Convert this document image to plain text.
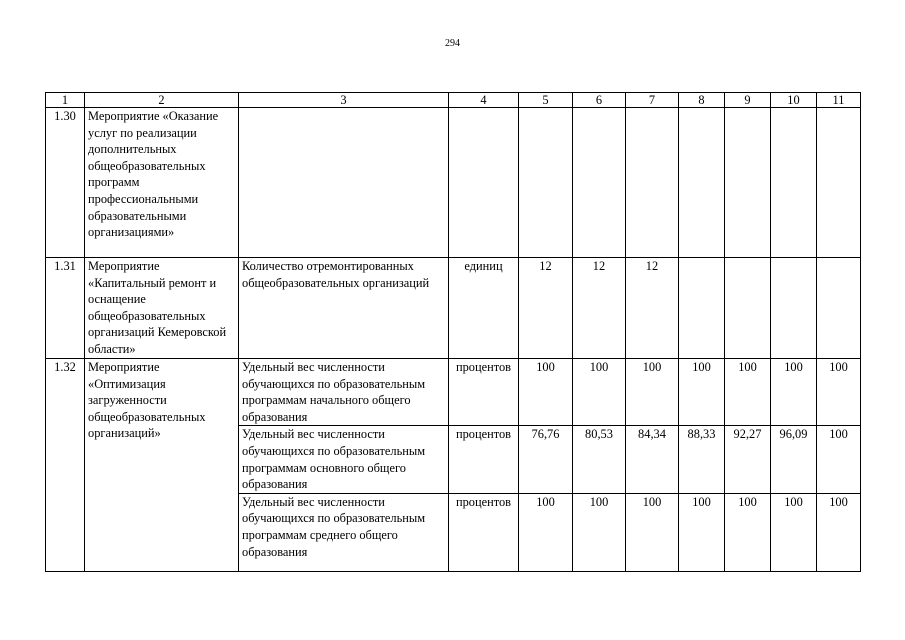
294
1	2	3	4	5	6	7	8	9	10	11
1.30	Мероприятие «Оказание услуг по реализации дополнительных общеобразовательных программ профессиональными образовательными организациями»									
1.31	Мероприятие «Капитальный ремонт и оснащение общеобразовательных организаций Кемеровской области»	Количество отремонтированных общеобразовательных организаций	единиц	12	12	12				
1.32	Мероприятие «Оптимизация загруженности общеобразовательных организаций»	Удельный вес численности обучающихся по образовательным программам начального общего образования	процентов	100	100	100	100	100	100	100
		Удельный вес численности обучающихся по образовательным программам основного общего образования	процентов	76,76	80,53	84,34	88,33	92,27	96,09	100
		Удельный вес численности обучающихся по образовательным программам среднего общего образования	процентов	100	100	100	100	100	100	100
